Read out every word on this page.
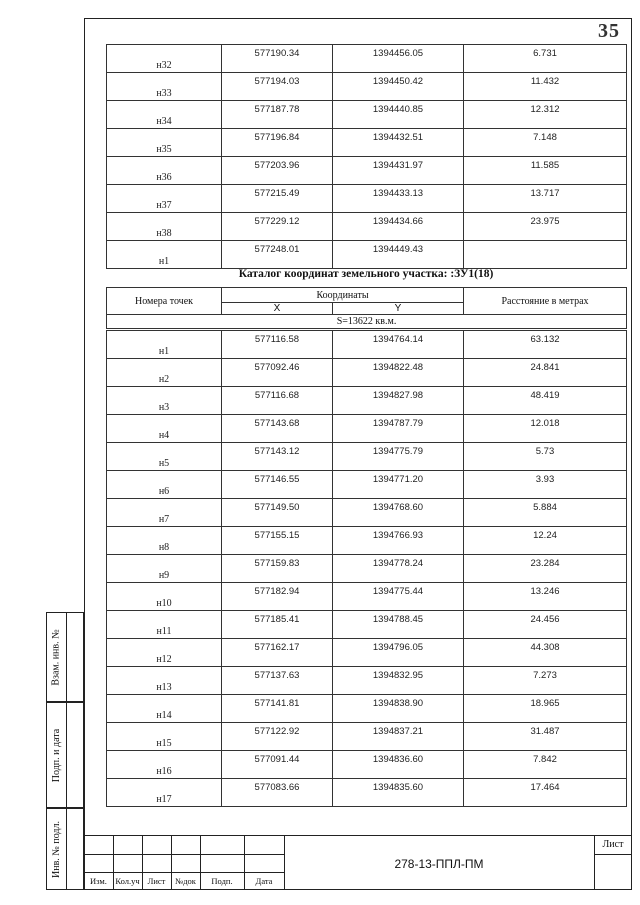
35
н32	577190.34	1394456.05	6.731
н33	577194.03	1394450.42	11.432
н34	577187.78	1394440.85	12.312
н35	577196.84	1394432.51	7.148
н36	577203.96	1394431.97	11.585
н37	577215.49	1394433.13	13.717
н38	577229.12	1394434.66	23.975
н1	577248.01	1394449.43	
Каталог координат земельного участка: :ЗУ1(18)
Номера точек	Координаты		Расстояние в метрах
	X	Y	
S=13622 кв.м.			
н1	577116.58	1394764.14	63.132
н2	577092.46	1394822.48	24.841
н3	577116.68	1394827.98	48.419
н4	577143.68	1394787.79	12.018
н5	577143.12	1394775.79	5.73
н6	577146.55	1394771.20	3.93
н7	577149.50	1394768.60	5.884
н8	577155.15	1394766.93	12.24
н9	577159.83	1394778.24	23.284
н10	577182.94	1394775.44	13.246
н11	577185.41	1394788.45	24.456
н12	577162.17	1394796.05	44.308
н13	577137.63	1394832.95	7.273
н14	577141.81	1394838.90	18.965
н15	577122.92	1394837.21	31.487
н16	577091.44	1394836.60	7.842
н17	577083.66	1394835.60	17.464
Взам. инв. №
Подп. и дата
Инв. № подл.
Изм. Кол.уч Лист	№док	Подп.	Дата
278-13-ППЛ-ПМ
Лист
